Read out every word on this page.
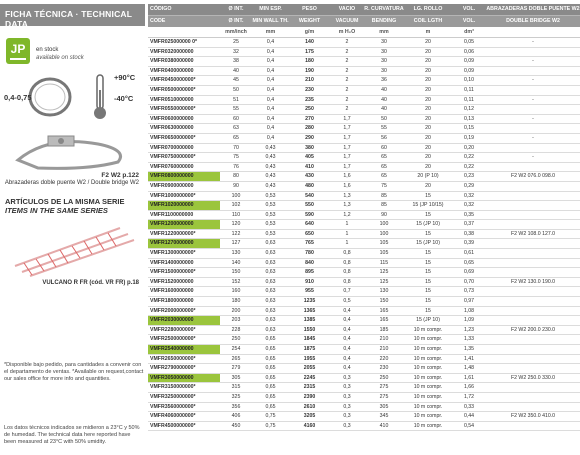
FICHA TÉCNICA · TECHNICAL DATA
JP	en stock
available on stock
0,4-0,75
+90°C
-40°C
F2 W2 p.122
Abrazaderas doble puente W2 / Double bridge W2
ARTÍCULOS DE LA MISMA SERIE
ITEMS IN THE SAME SERIES
VULCANO R FR (cód. VR FR) p.18
*Disponible bajo pedido, para cantidades a convenir con el departamento de ventas. *Available on request,contact our sales office for more info and quantities.
Los datos técnicos indicados se midieron a 23°C y 50% de humedad. The technical data here reported have been measured at 23°C with 50% umidity.
CÓDIGO	Ø INT.	MIN ESP.	PESO	VACIO	R. CURVATURA	LG. ROLLO	VOL.	ABRAZADERAS DOBLE PUENTE W2
CODE	Ø INT.	MIN WALL TH.	WEIGHT	VACUUM	BENDING	COIL LGTH	VOL.	DOUBLE BRIDGE W2
mm/inch	mm	g/m	m H₂O	mm	m	dm³
VMFR025000000 0*	25	0,4	140	2	30	20	0,05	-
VMFR0320000000	32	0,4	175	2	30	20	0,06
VMFR0380000000	38	0,4	180	2	30	20	0,09	-
VMFR0400000000	40	0,4	190	2	30	20	0,09
VMFR0450000000*	45	0,4	210	2	36	20	0,10	-
VMFR0500000000*	50	0,4	230	2	40	20	0,11
VMFR0510000000	51	0,4	235	2	40	20	0,11	-
VMFR0550000000*	55	0,4	250	2	40	20	0,12
VMFR0600000000	60	0,4	270	1,7	50	20	0,13	-
VMFR0630000000	63	0,4	280	1,7	55	20	0,15
VMFR0650000000*	65	0,4	290	1,7	56	20	0,19	-
VMFR0700000000	70	0,43	380	1,7	60	20	0,20
VMFR0750000000*	75	0,43	405	1,7	65	20	0,22	-
VMFR0760000000	76	0,43	410	1,7	65	20	0,22
VMFR0800000000	80	0,43	430	1,6	65	20 (P 10)	0,23	F2 W2 076.0 098.0
VMFR0900000000	90	0,43	480	1,6	75	20	0,29
VMFR1000000000*	100	0,53	540	1,3	85	15	0,32
VMFR1020000000	102	0,53	550	1,3	85	15 (JP 10/15)	0,32
VMFR1100000000	110	0,53	590	1,2	90	15	0,35
VMFR1200000000	120	0,53	640	1	100	15 (JP 10)	0,37
VMFR1220000000*	122	0,53	650	1	100	15	0,38	F2 W2 108.0 127.0
VMFR1270000000	127	0,63	765	1	105	15 (JP 10)	0,39
VMFR1300000000*	130	0,63	780	0,8	105	15	0,61
VMFR1400000000	140	0,63	840	0,8	115	15	0,65
VMFR1500000000*	150	0,63	895	0,8	125	15	0,69
VMFR1520000000	152	0,63	910	0,8	125	15	0,70	F2 W2 130.0 190.0
VMFR1600000000	160	0,63	955	0,7	130	15	0,73
VMFR1800000000	180	0,63	1235	0,5	150	15	0,97
VMFR2000000000*	200	0,63	1365	0,4	165	15	1,08
VMFR2030000000	203	0,63	1385	0,4	165	15 (JP 10)	1,09
VMFR2280000000*	228	0,63	1550	0,4	185	10 m compr.	1,23	F2 W2 200.0 230.0
VMFR2500000000*	250	0,65	1845	0,4	210	10 m compr.	1,33
VMFR2540000000	254	0,65	1875	0,4	210	10 m compr.	1,35
VMFR2650000000*	265	0,65	1955	0,4	220	10 m compr.	1,41
VMFR2790000000*	279	0,65	2055	0,4	230	10 m compr.	1,48
VMFR3050000000	305	0,65	2245	0,3	250	10 m compr.	1,61	F2 W2 250.0 330.0
VMFR3150000000*	315	0,65	2315	0,3	275	10 m compr.	1,66
VMFR3250000000*	325	0,65	2390	0,3	275	10 m compr.	1,72
VMFR3560000000*	356	0,65	2610	0,3	305	10 m compr.	0,33
VMFR4060000000*	406	0,75	3205	0,3	345	10 m compr.	0,44	F2 W2 350.0 410.0
VMFR4500000000*	450	0,75	4160	0,3	410	10 m compr.	0,54
